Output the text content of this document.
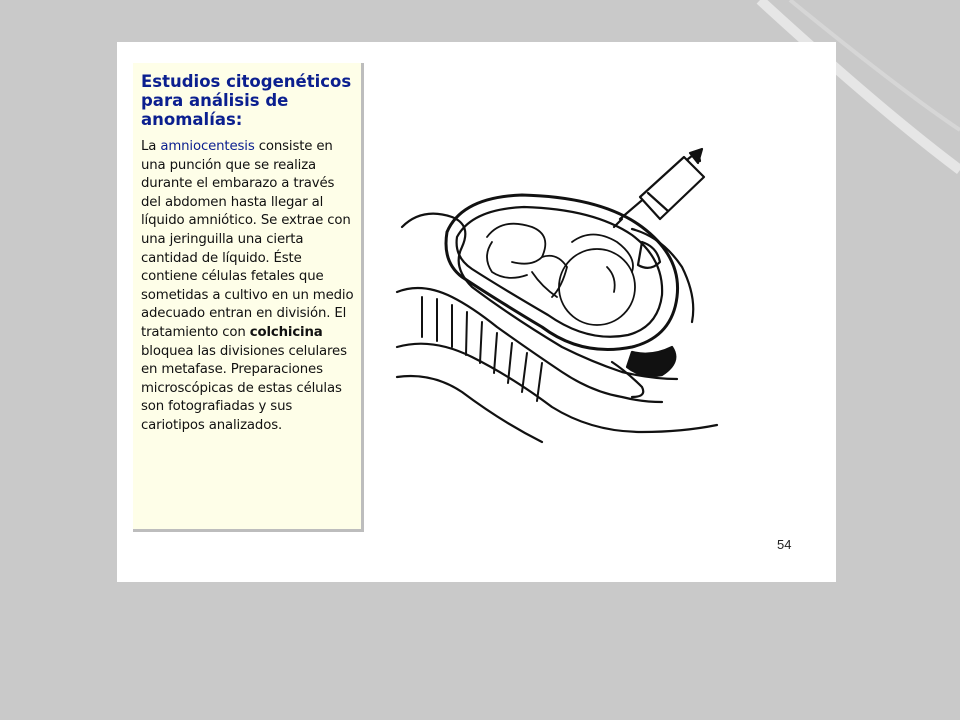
Estudios citogenéticos para análisis de anomalías:

La amniocentesis consiste en una punción que se realiza durante el embarazo a través del abdomen hasta llegar al líquido amniótico. Se extrae con una jeringuilla una cierta cantidad de líquido. Éste contiene células fetales que sometidas a cultivo en un medio adecuado entran en división. El tratamiento con colchicina bloquea las divisiones celulares en metafase. Preparaciones microscópicas de estas células son fotografiadas y sus cariotipos analizados.

54
